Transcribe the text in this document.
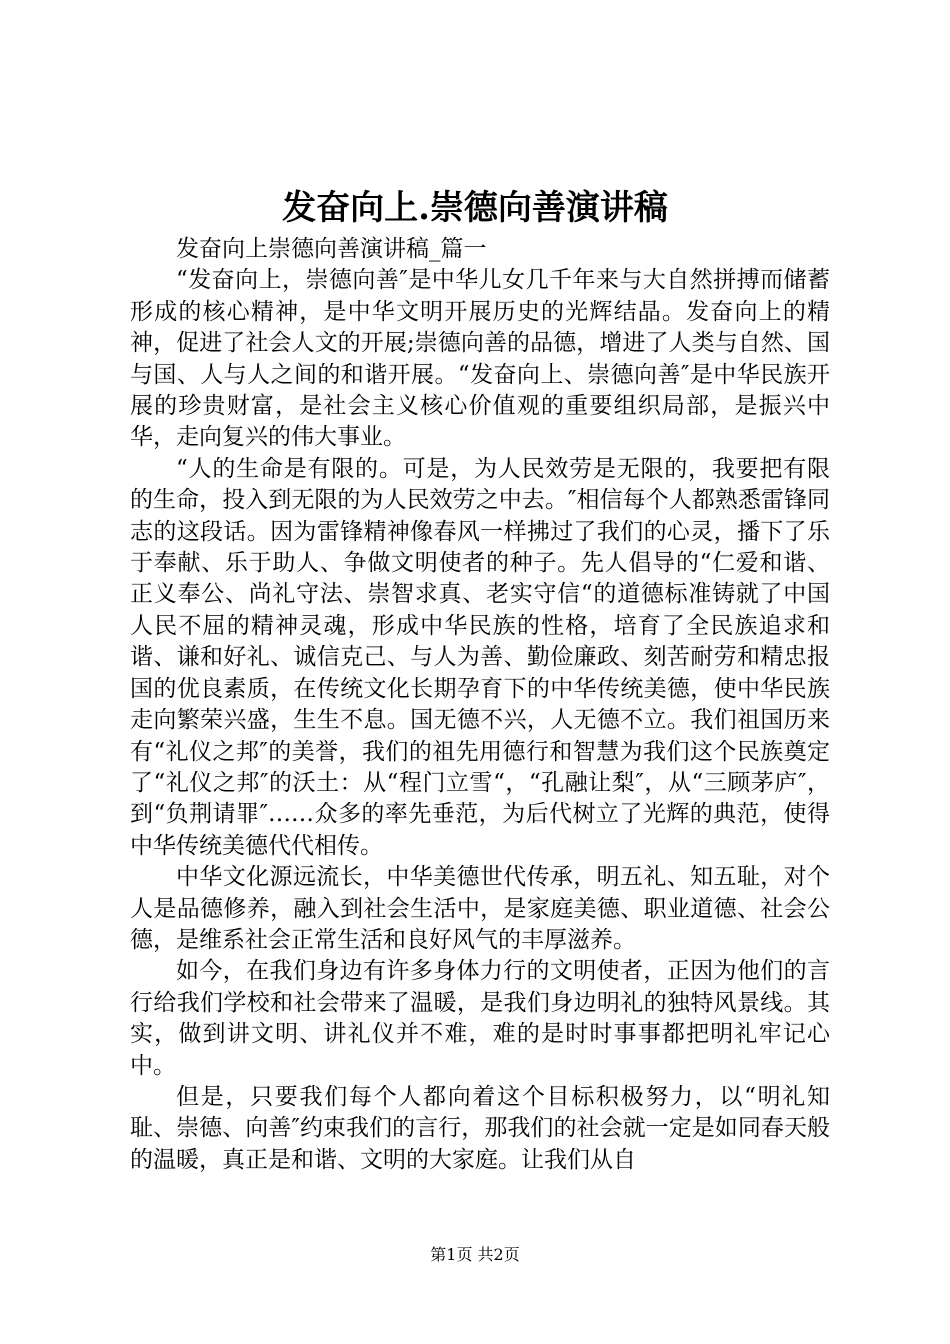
发奋向上.崇德向善演讲稿

发奋向上崇德向善演讲稿_篇一

“发奋向上，崇德向善″是中华儿女几千年来与大自然拼搏而储蓄形成的核心精神，是中华文明开展历史的光辉结晶。发奋向上的精神，促进了社会人文的开展;崇德向善的品德，增进了人类与自然、国与国、人与人之间的和谐开展。“发奋向上、崇德向善″是中华民族开展的珍贵财富，是社会主义核心价值观的重要组织局部，是振兴中华，走向复兴的伟大事业。

“人的生命是有限的。可是，为人民效劳是无限的，我要把有限的生命，投入到无限的为人民效劳之中去。″相信每个人都熟悉雷锋同志的这段话。因为雷锋精神像春风一样拂过了我们的心灵，播下了乐于奉献、乐于助人、争做文明使者的种子。先人倡导的“仁爱和谐、正义奉公、尚礼守法、崇智求真、老实守信“的道德标准铸就了中国人民不屈的精神灵魂，形成中华民族的性格，培育了全民族追求和谐、谦和好礼、诚信克己、与人为善、勤俭廉政、刻苦耐劳和精忠报国的优良素质，在传统文化长期孕育下的中华传统美德，使中华民族走向繁荣兴盛，生生不息。国无德不兴，人无德不立。我们祖国历来有“礼仪之邦″的美誉，我们的祖先用德行和智慧为我们这个民族奠定了“礼仪之邦″的沃土：从“程门立雪“，“孔融让梨″，从“三顾茅庐″，到“负荆请罪″……众多的率先垂范，为后代树立了光辉的典范，使得中华传统美德代代相传。

中华文化源远流长，中华美德世代传承，明五礼、知五耻，对个人是品德修养，融入到社会生活中，是家庭美德、职业道德、社会公德，是维系社会正常生活和良好风气的丰厚滋养。

如今，在我们身边有许多身体力行的文明使者，正因为他们的言行给我们学校和社会带来了温暖，是我们身边明礼的独特风景线。其实，做到讲文明、讲礼仪并不难，难的是时时事事都把明礼牢记心中。

但是，只要我们每个人都向着这个目标积极努力，以“明礼知耻、崇德、向善″约束我们的言行，那我们的社会就一定是如同春天般的温暖，真正是和谐、文明的大家庭。让我们从自

第1页 共2页
